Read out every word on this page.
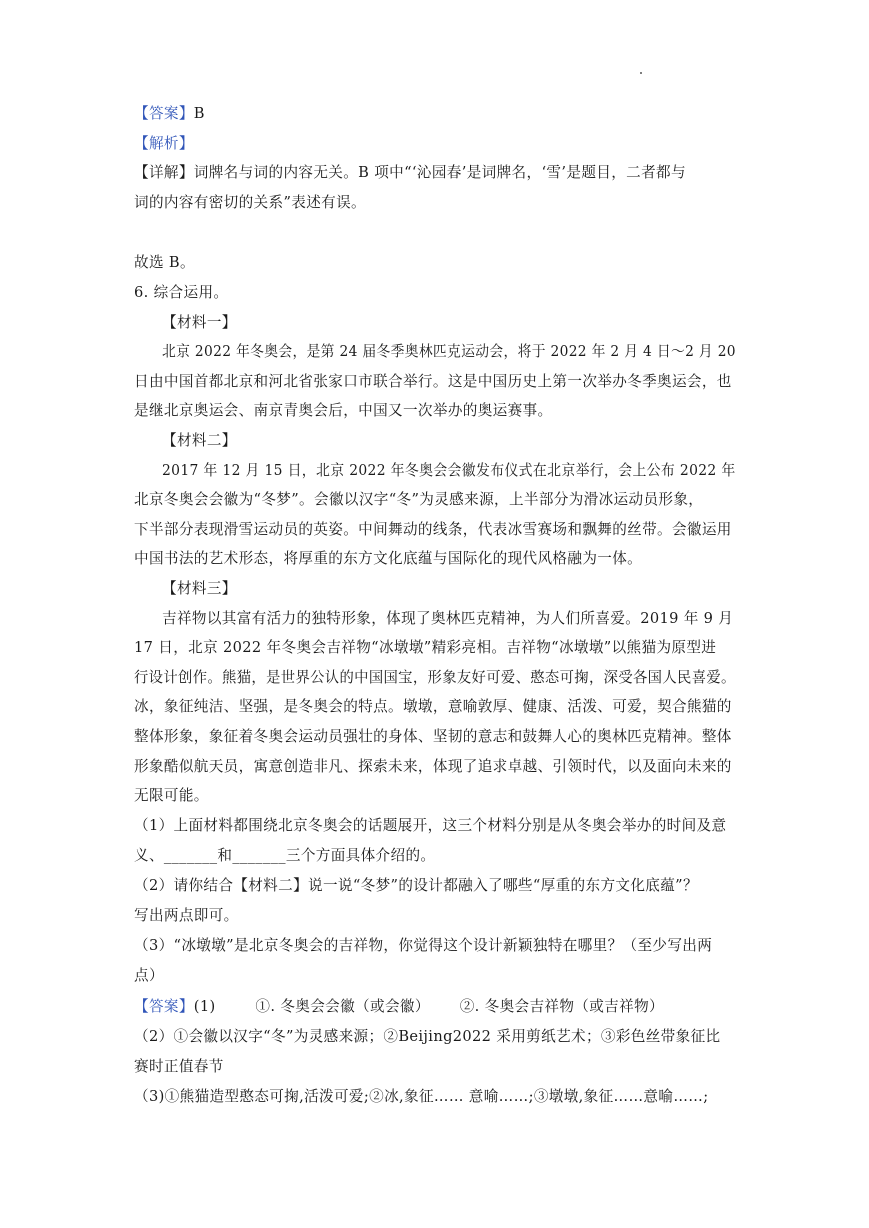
【答案】B
【解析】
【详解】词牌名与词的内容无关。B 项中“‘沁园春’是词牌名，‘雪’是题目，二者都与
词的内容有密切的关系”表述有误。
故选 B。
6. 综合运用。
【材料一】
北京 2022 年冬奥会，是第 24 届冬季奥林匹克运动会，将于 2022 年 2 月 4 日～2 月 20
日由中国首都北京和河北省张家口市联合举行。这是中国历史上第一次举办冬季奥运会，也
是继北京奥运会、南京青奥会后，中国又一次举办的奥运赛事。
【材料二】
2017 年 12 月 15 日，北京 2022 年冬奥会会徽发布仪式在北京举行，会上公布 2022 年
北京冬奥会会徽为“冬梦”。会徽以汉字“冬”为灵感来源，上半部分为滑冰运动员形象，
下半部分表现滑雪运动员的英姿。中间舞动的线条，代表冰雪赛场和飘舞的丝带。会徽运用
中国书法的艺术形态，将厚重的东方文化底蕴与国际化的现代风格融为一体。
【材料三】
吉祥物以其富有活力的独特形象，体现了奥林匹克精神，为人们所喜爱。2019 年 9 月
17 日，北京 2022 年冬奥会吉祥物“冰墩墩”精彩亮相。吉祥物“冰墩墩”以熊猫为原型进
行设计创作。熊猫，是世界公认的中国国宝，形象友好可爱、憨态可掬，深受各国人民喜爱。
冰，象征纯洁、坚强，是冬奥会的特点。墩墩，意喻敦厚、健康、活泼、可爱，契合熊猫的
整体形象，象征着冬奥会运动员强壮的身体、坚韧的意志和鼓舞人心的奥林匹克精神。整体
形象酷似航天员，寓意创造非凡、探索未来，体现了追求卓越、引领时代，以及面向未来的
无限可能。
（1）上面材料都围绕北京冬奥会的话题展开，这三个材料分别是从冬奥会举办的时间及意
义、_______和_______三个方面具体介绍的。
（2）请你结合【材料二】说一说“冬梦”的设计都融入了哪些“厚重的东方文化底蕴”？
写出两点即可。
（3）“冰墩墩”是北京冬奥会的吉祥物，你觉得这个设计新颖独特在哪里？（至少写出两
点）
【答案】(1)        ①. 冬奥会会徽（或会徽）      ②. 冬奥会吉祥物（或吉祥物）
（2）①会徽以汉字“冬”为灵感来源；②Beijing2022 采用剪纸艺术；③彩色丝带象征比
赛时正值春节
（3)①熊猫造型憨态可掬,活泼可爱;②冰,象征…… 意喻……;③墩墩,象征……意喻……;
